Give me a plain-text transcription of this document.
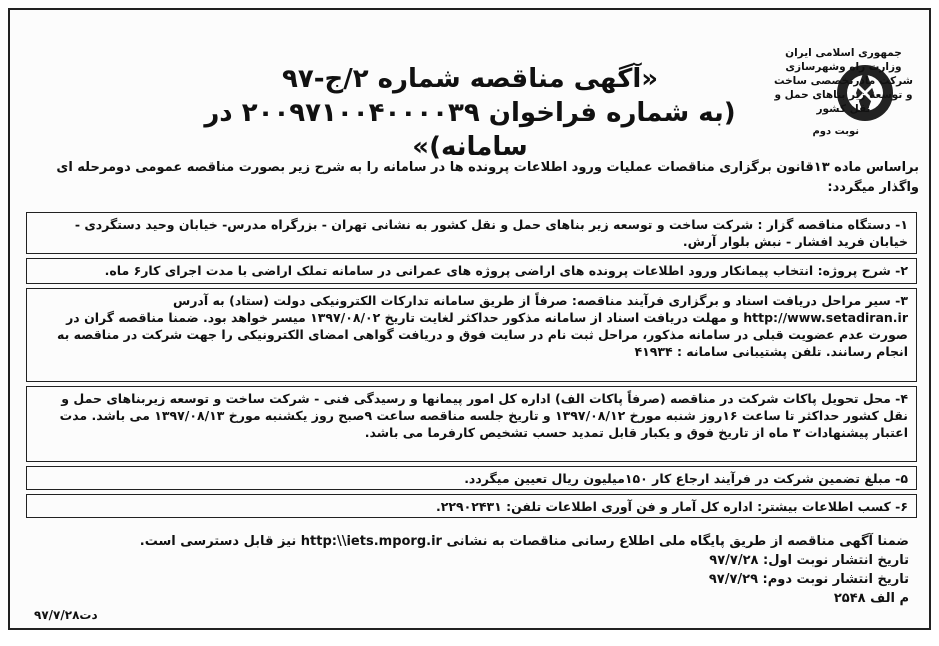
«آگهی مناقصه شماره ۲/ج-۹۷
(به شماره فراخوان ۲۰۰۹۷۱۰۰۴۰۰۰۰۳۹ در سامانه)»
جمهوری اسلامی ایران
وزارت راه وشهرسازی
شرکت مادرتخصصی ساخت
و توسعه زیر بناهای حمل و نقل کشور
نوبت دوم
براساس ماده ۱۳قانون برگزاری مناقصات عملیات ورود اطلاعات پرونده ها در سامانه را به شرح زیر بصورت مناقصه عمومی دومرحله ای واگذار میگردد:
۱- دستگاه مناقصه گزار : شرکت ساخت و توسعه زیر بناهای حمل و نقل کشور به نشانی تهران - بزرگراه مدرس- خیابان وحید دستگردی - خیابان فرید افشار - نبش بلوار آرش.
۲- شرح پروژه: انتخاب پیمانکار ورود اطلاعات پرونده های اراضی پروژه های عمرانی در سامانه تملک اراضی با مدت اجرای کار۶ ماه.
۳- سیر مراحل دریافت اسناد و برگزاری فرآیند مناقصه: صرفاً از طریق سامانه تدارکات الکترونیکی دولت (ستاد) به آدرس http://www.setadiran.ir و مهلت دریافت اسناد از سامانه مذکور حداکثر لغایت تاریخ ۱۳۹۷/۰۸/۰۲ میسر خواهد بود. ضمنا مناقصه گران در صورت عدم عضویت قبلی در سامانه مذکور، مراحل ثبت نام در سایت فوق و دریافت گواهی امضای الکترونیکی را جهت شرکت در مناقصه به انجام رسانند. تلفن پشتیبانی سامانه : ۴۱۹۳۴
۴- محل تحویل پاکات شرکت در مناقصه (صرفاً پاکات الف) اداره کل امور پیمانها و رسیدگی فنی - شرکت ساخت و توسعه زیربناهای حمل و نقل کشور حداکثر تا ساعت ۱۶روز شنبه مورخ ۱۳۹۷/۰۸/۱۲ و تاریخ جلسه مناقصه ساعت ۹صبح روز یکشنبه مورخ ۱۳۹۷/۰۸/۱۳ می باشد. مدت اعتبار پیشنهادات ۳ ماه از تاریخ فوق و یکبار قابل تمدید حسب تشخیص کارفرما می باشد.
۵- مبلغ تضمین شرکت در فرآیند ارجاع کار ۱۵۰میلیون ریال تعیین میگردد.
۶- کسب اطلاعات بیشتر: اداره کل آمار و فن آوری اطلاعات تلفن: ۲۲۹۰۲۴۳۱.
ضمنا آگهی مناقصه از طریق پایگاه ملی اطلاع رسانی مناقصات به نشانی http:\\iets.mporg.ir نیز قابل دسترسی است.
تاریخ انتشار نوبت اول: ۹۷/۷/۲۸
تاریخ انتشار نوبت دوم: ۹۷/۷/۲۹
م الف ۲۵۴۸
دت۹۷/۷/۲۸
